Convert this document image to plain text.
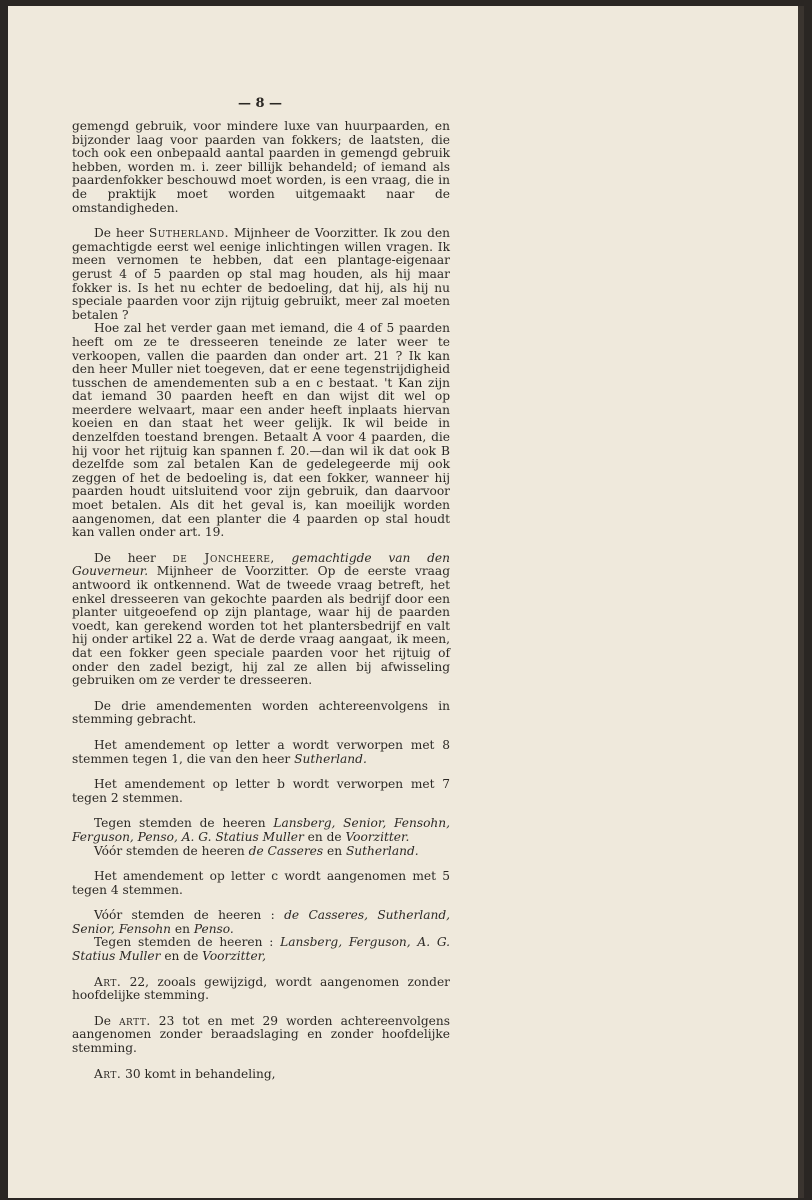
— 8 —

gemengd gebruik, voor mindere luxe van huurpaarden, en bijzonder laag voor paarden van fokkers; de laatsten, die toch ook een onbepaald aantal paarden in gemengd gebruik hebben, worden m. i. zeer billijk behandeld; of iemand als paardenfokker beschouwd moet worden, is een vraag, die in de praktijk moet worden uitgemaakt naar de omstandigheden.

De heer Sutherland. Mijnheer de Voorzitter. Ik zou den gemachtigde eerst wel eenige inlichtingen willen vragen. Ik meen vernomen te hebben, dat een plantage-eigenaar gerust 4 of 5 paarden op stal mag houden, als hij maar fokker is. Is het nu echter de bedoeling, dat hij, als hij nu speciale paarden voor zijn rijtuig gebruikt, meer zal moeten betalen ?

Hoe zal het verder gaan met iemand, die 4 of 5 paarden heeft om ze te dresseeren teneinde ze later weer te verkoopen, vallen die paarden dan onder art. 21 ? Ik kan den heer Muller niet toegeven, dat er eene tegenstrijdigheid tusschen de amendementen sub a en c bestaat. 't Kan zijn dat iemand 30 paarden heeft en dan wijst dit wel op meerdere welvaart, maar een ander heeft inplaats hiervan koeien en dan staat het weer gelijk. Ik wil beide in denzelfden toestand brengen. Betaalt A voor 4 paarden, die hij voor het rijtuig kan spannen f. 20.—dan wil ik dat ook B dezelfde som zal betalen Kan de gedelegeerde mij ook zeggen of het de bedoeling is, dat een fokker, wanneer hij paarden houdt uitsluitend voor zijn gebruik, dan daarvoor moet betalen. Als dit het geval is, kan moeilijk worden aangenomen, dat een planter die 4 paarden op stal houdt kan vallen onder art. 19.

De heer de Joncheere, gemachtigde van den Gouverneur. Mijnheer de Voorzitter. Op de eerste vraag antwoord ik ontkennend. Wat de tweede vraag betreft, het enkel dresseeren van gekochte paarden als bedrijf door een planter uitgeoefend op zijn plantage, waar hij de paarden voedt, kan gerekend worden tot het plantersbedrijf en valt hij onder artikel 22 a. Wat de derde vraag aangaat, ik meen, dat een fokker geen speciale paarden voor het rijtuig of onder den zadel bezigt, hij zal ze allen bij afwisseling gebruiken om ze verder te dresseeren.

De drie amendementen worden achtereenvolgens in stemming gebracht.

Het amendement op letter a wordt verworpen met 8 stemmen tegen 1, die van den heer Sutherland.

Het amendement op letter b wordt verworpen met 7 tegen 2 stemmen.

Tegen stemden de heeren Lansberg, Senior, Fensohn, Ferguson, Penso, A. G. Statius Muller en de Voorzitter.

Vóór stemden de heeren de Casseres en Sutherland.

Het amendement op letter c wordt aangenomen met 5 tegen 4 stemmen.

Vóór stemden de heeren : de Casseres, Sutherland, Senior, Fensohn en Penso.

Tegen stemden de heeren : Lansberg, Ferguson, A. G. Statius Muller en de Voorzitter,

Art. 22, zooals gewijzigd, wordt aangenomen zonder hoofdelijke stemming.

De artt. 23 tot en met 29 worden achtereenvolgens aangenomen zonder beraadslaging en zonder hoofdelijke stemming.

Art. 30 komt in behandeling,
